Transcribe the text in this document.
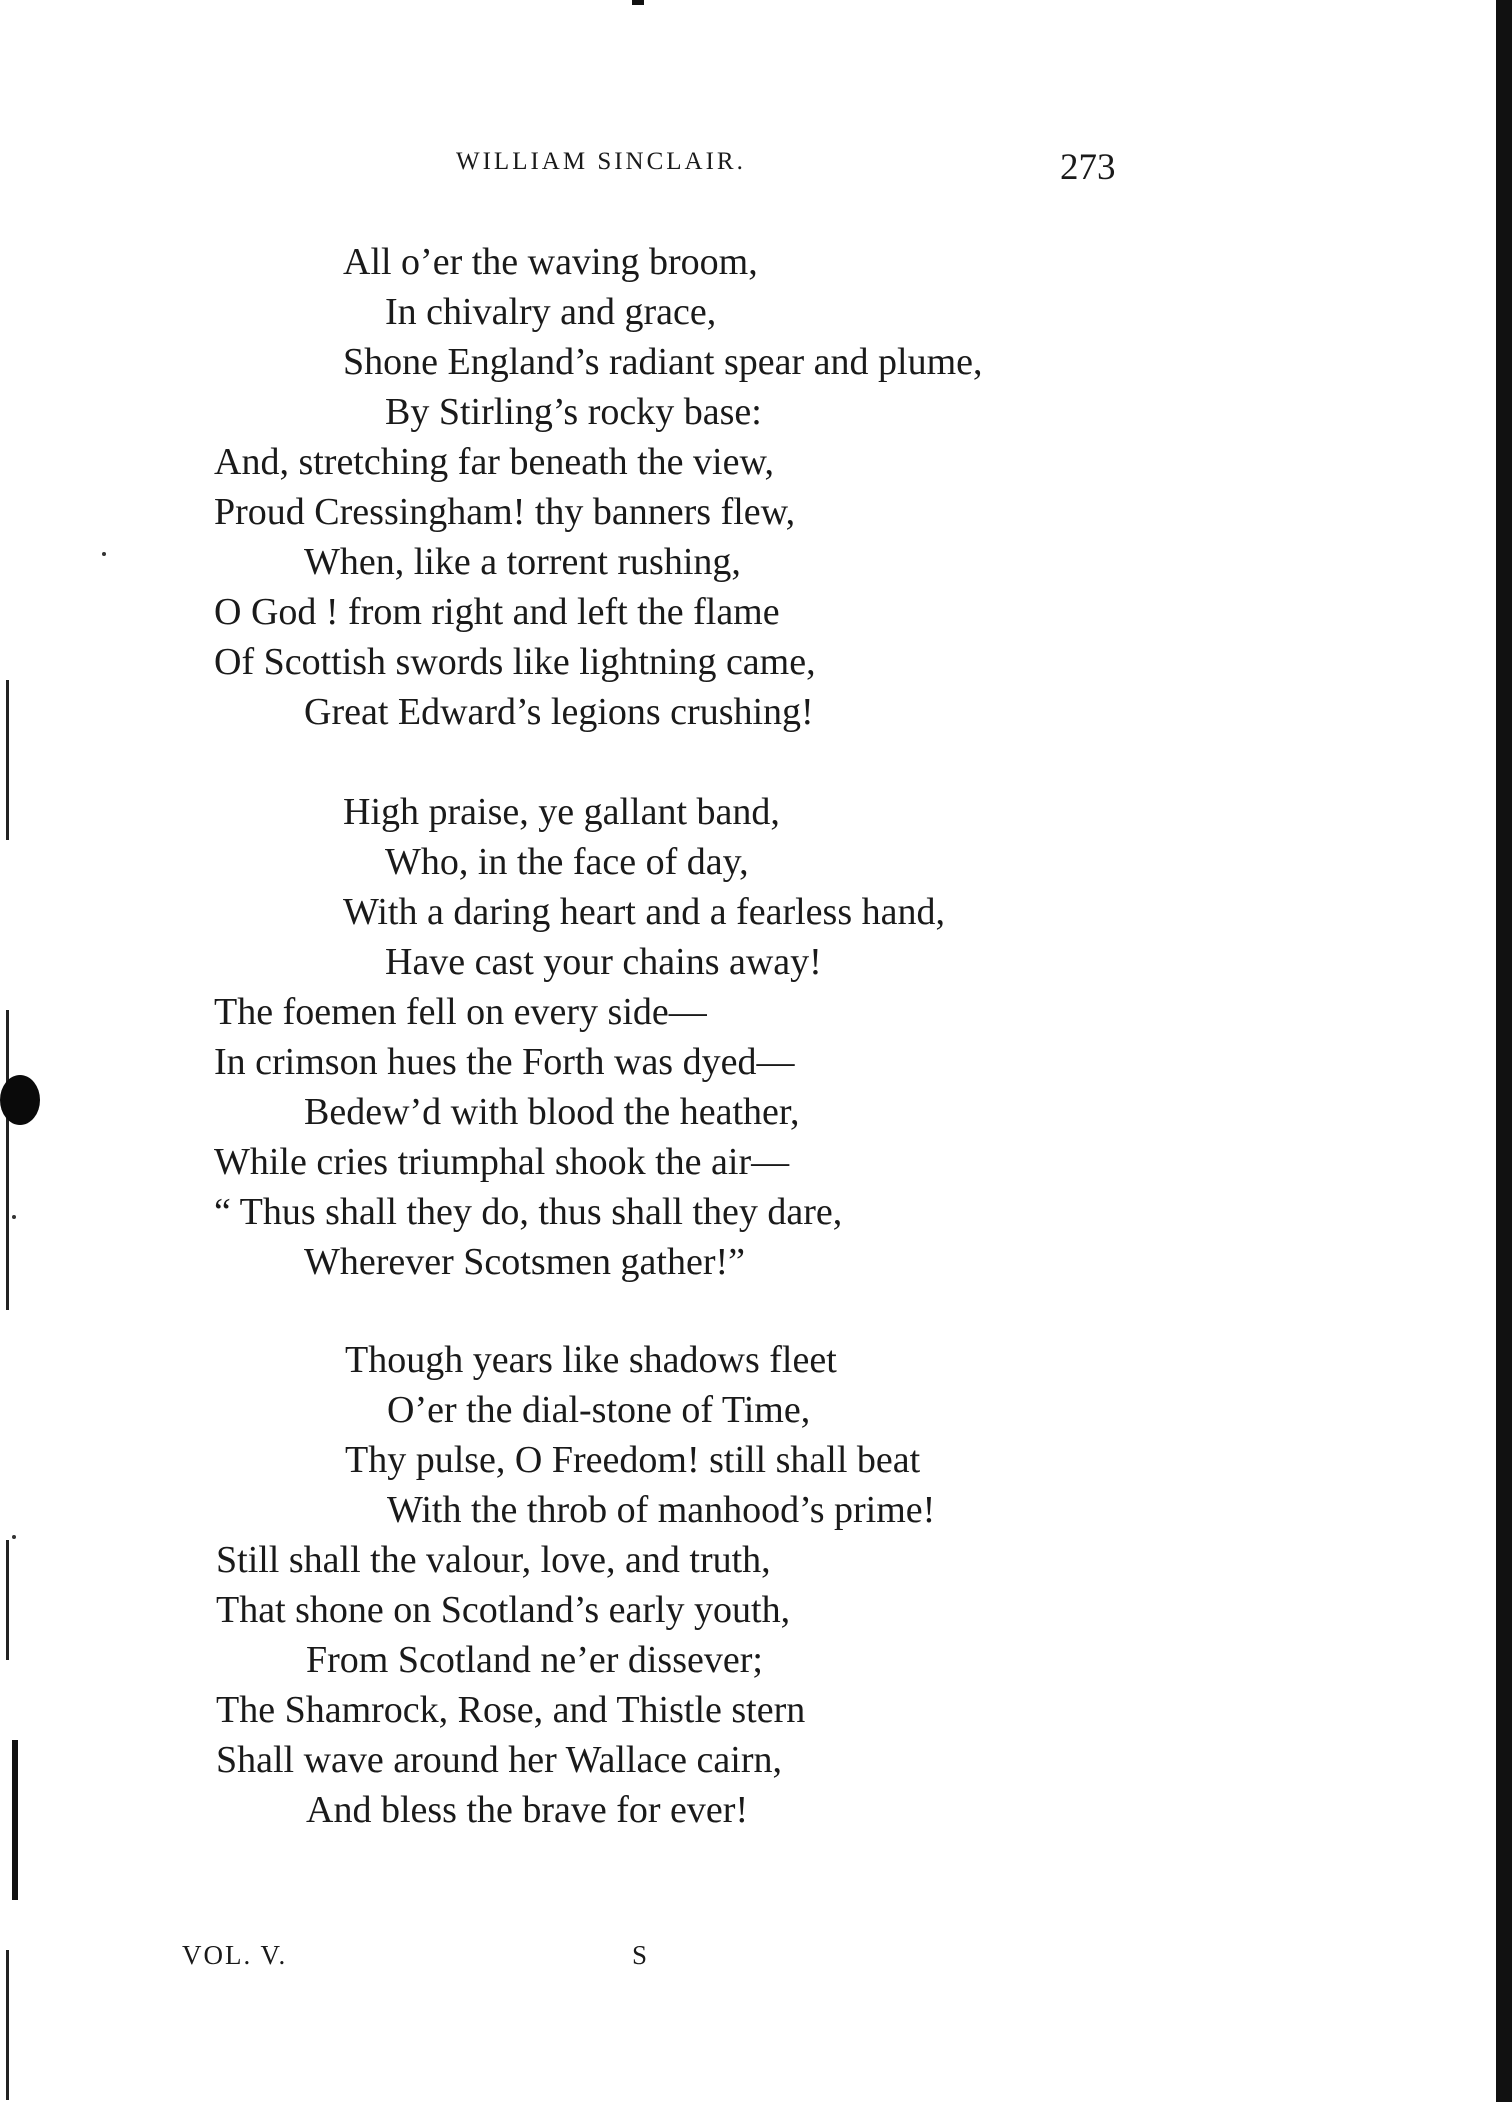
WILLIAM SINCLAIR.	273
All o’er the waving broom,
In chivalry and grace,
Shone England’s radiant spear and plume,
By Stirling’s rocky base:
And, stretching far beneath the view,
Proud Cressingham! thy banners flew,
When, like a torrent rushing,
O God ! from right and left the flame
Of Scottish swords like lightning came,
Great Edward’s legions crushing!
High praise, ye gallant band,
Who, in the face of day,
With a daring heart and a fearless hand,
Have cast your chains away!
The foemen fell on every side—
In crimson hues the Forth was dyed—
Bedew’d with blood the heather,
While cries triumphal shook the air—
“ Thus shall they do, thus shall they dare,
Wherever Scotsmen gather!”
Though years like shadows fleet
O’er the dial-stone of Time,
Thy pulse, O Freedom! still shall beat
With the throb of manhood’s prime!
Still shall the valour, love, and truth,
That shone on Scotland’s early youth,
From Scotland ne’er dissever;
The Shamrock, Rose, and Thistle stern
Shall wave around her Wallace cairn,
And bless the brave for ever!
VOL. V.	S
